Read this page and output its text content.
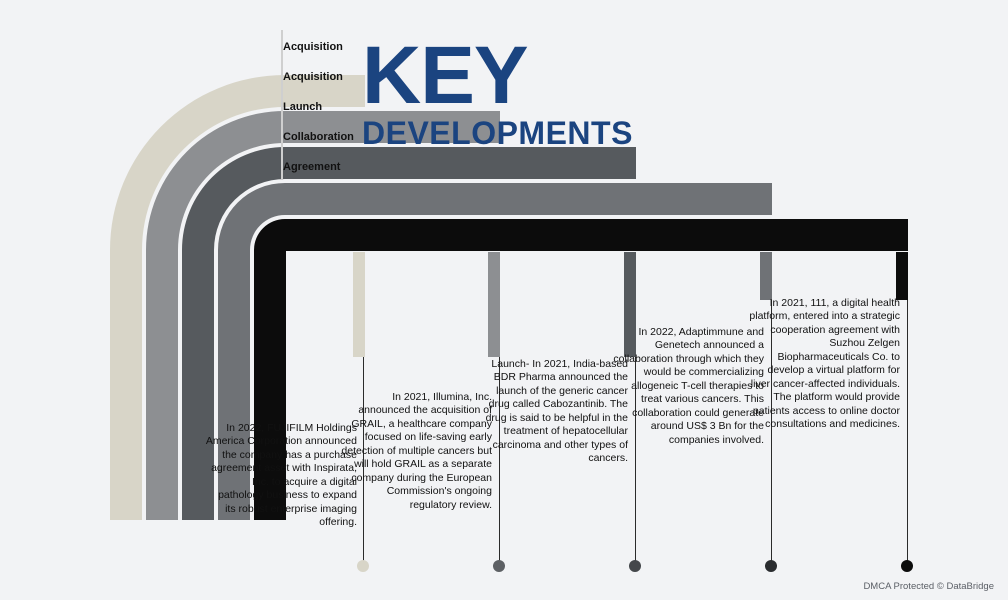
Acquisition
Acquisition
Launch
Collaboration
Agreement
KEY
DEVELOPMENTS
In 2022, FUJIFILM Holdings America Corporation announced the company has a purchase agreement asset with Inspirata, Inc. to acquire a digital pathology business to expand its robust enterprise imaging offering.
In 2021, Illumina, Inc. announced the acquisition of GRAIL, a healthcare company focused on life-saving early detection of multiple cancers but will hold GRAIL as a separate company during the European Commission's ongoing regulatory review.
Launch- In 2021, India-based BDR Pharma announced the launch of the generic cancer drug called Cabozantinib. The drug is said to be helpful in the treatment of hepatocellular carcinoma and other types of cancers.
In 2022, Adaptimmune and Genetech announced a collaboration through which they would be commercializing allogeneic T-cell therapies to treat various cancers. This collaboration could generate around US$ 3 Bn for the companies involved.
In 2021, 111, a digital health platform, entered into a strategic cooperation agreement with Suzhou Zelgen Biopharmaceuticals Co. to develop a virtual platform for liver cancer-affected individuals. The platform would provide patients access to online doctor consultations and medicines.
DMCA Protected © DataBridge
